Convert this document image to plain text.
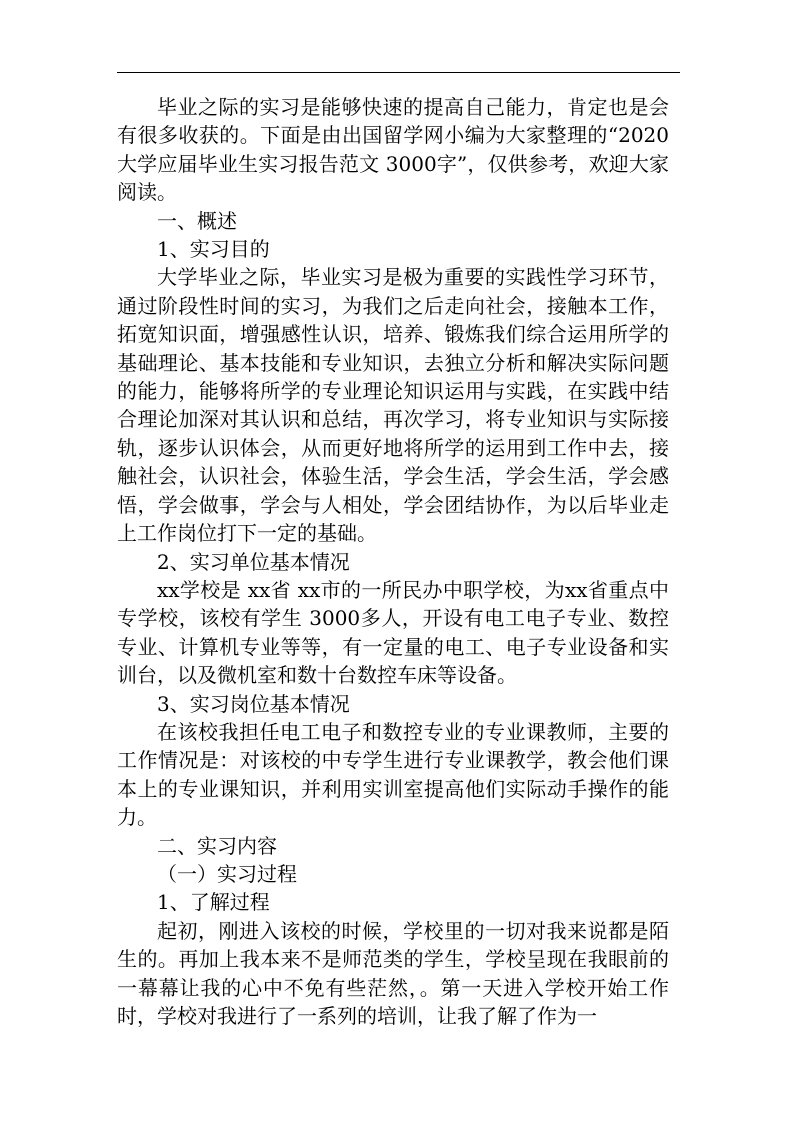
毕业之际的实习是能够快速的提高自己能力，肯定也是会有很多收获的。下面是由出国留学网小编为大家整理的“2020大学应届毕业生实习报告范文 3000字”，仅供参考，欢迎大家阅读。

一、概述

1、实习目的

大学毕业之际，毕业实习是极为重要的实践性学习环节，通过阶段性时间的实习，为我们之后走向社会，接触本工作，拓宽知识面，增强感性认识，培养、锻炼我们综合运用所学的基础理论、基本技能和专业知识，去独立分析和解决实际问题的能力，能够将所学的专业理论知识运用与实践，在实践中结合理论加深对其认识和总结，再次学习，将专业知识与实际接轨，逐步认识体会，从而更好地将所学的运用到工作中去，接触社会，认识社会，体验生活，学会生活，学会生活，学会感悟，学会做事，学会与人相处，学会团结协作，为以后毕业走上工作岗位打下一定的基础。

2、实习单位基本情况

xx学校是 xx省 xx市的一所民办中职学校，为xx省重点中专学校，该校有学生 3000多人，开设有电工电子专业、数控专业、计算机专业等等，有一定量的电工、电子专业设备和实训台，以及微机室和数十台数控车床等设备。

3、实习岗位基本情况

在该校我担任电工电子和数控专业的专业课教师，主要的工作情况是：对该校的中专学生进行专业课教学，教会他们课本上的专业课知识，并利用实训室提高他们实际动手操作的能力。

二、实习内容

（一）实习过程

1、了解过程

起初，刚进入该校的时候，学校里的一切对我来说都是陌生的。再加上我本来不是师范类的学生，学校呈现在我眼前的一幕幕让我的心中不免有些茫然，。第一天进入学校开始工作时，学校对我进行了一系列的培训，让我了解了作为一
